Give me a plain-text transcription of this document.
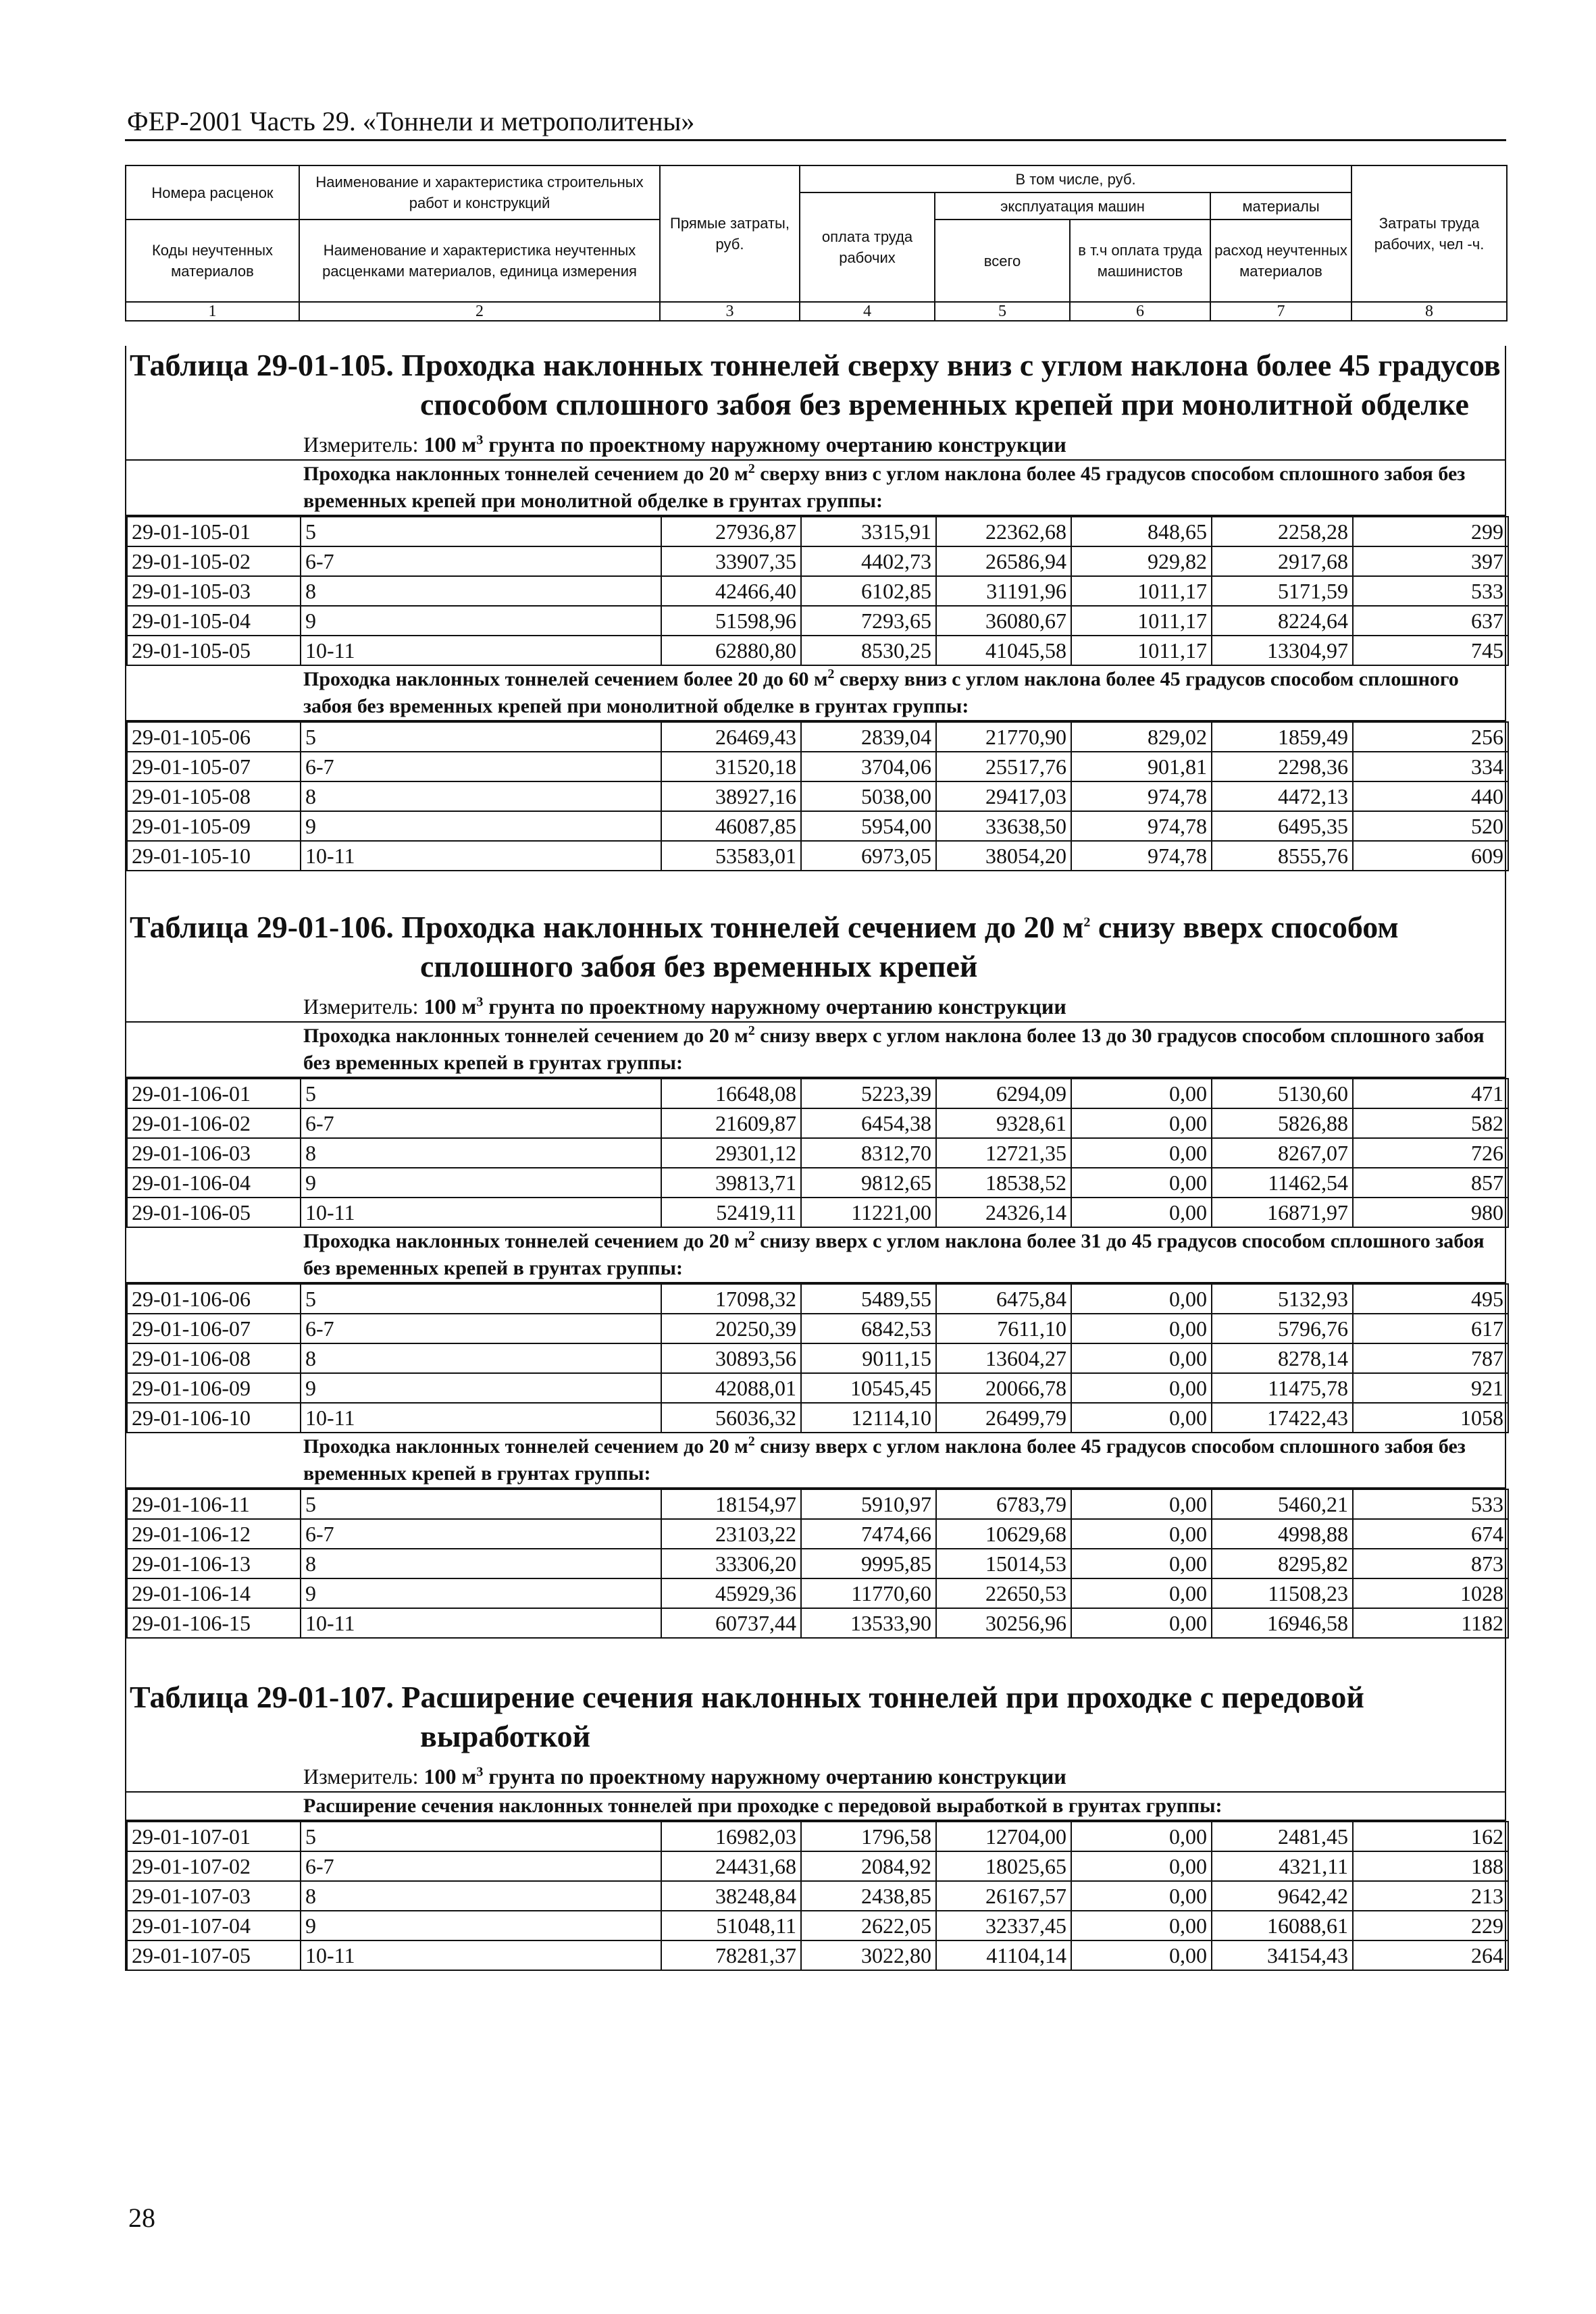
ФЕР-2001 Часть 29. «Тоннели и метрополитены»
Номера расценок	Наименование и характеристика строительных работ и конструкций	Прямые затраты, руб.	В том числе, руб.				Затраты труда рабочих, чел -ч.
			оплата труда рабочих	эксплуатация машин		материалы	
Коды неучтенных материалов	Наименование и характеристика неучтенных расценками материалов, единица измерения			всего	в т.ч оплата труда машинистов	расход неучтенных материалов	

1	2	3	4	5	6	7	8

Таблица 29-01-105. Проходка наклонных тоннелей сверху вниз с углом наклона более 45 градусов способом сплошного забоя без временных крепей при монолитной обделке

Измеритель: 100 $м^3$ грунта по проектному наружному очертанию конструкции
Проходка наклонных тоннелей сечением до 20 $м^2$ сверху вниз с углом наклона более 45 градусов способом сплошного забоя без временных крепей при монолитной обделке в грунтах группы:
29-01-105-01	5	27936,87	3315,91	22362,68	848,65	2258,28	299
29-01-105-02	6-7	33907,35	4402,73	26586,94	929,82	2917,68	397
29-01-105-03	8	42466,40	6102,85	31191,96	1011,17	5171,59	533
29-01-105-04	9	51598,96	7293,65	36080,67	1011,17	8224,64	637
29-01-105-05	10-11	62880,80	8530,25	41045,58	1011,17	13304,97	745
Проходка наклонных тоннелей сечением более 20 до 60 $м^2$ сверху вниз с углом наклона более 45 градусов способом сплошного забоя без временных крепей при монолитной обделке в грунтах группы:
29-01-105-06	5	26469,43	2839,04	21770,90	829,02	1859,49	256
29-01-105-07	6-7	31520,18	3704,06	25517,76	901,81	2298,36	334
29-01-105-08	8	38927,16	5038,00	29417,03	974,78	4472,13	440
29-01-105-09	9	46087,85	5954,00	33638,50	974,78	6495,35	520
29-01-105-10	10-11	53583,01	6973,05	38054,20	974,78	8555,76	609

Таблица 29-01-106. Проходка наклонных тоннелей сечением до 20 $м^2$ снизу вверх способом сплошного забоя без временных крепей

Измеритель: 100 $м^3$ грунта по проектному наружному очертанию конструкции
Проходка наклонных тоннелей сечением до 20 $м^2$ снизу вверх с углом наклона более 13 до 30 градусов способом сплошного забоя без временных крепей в грунтах группы:
29-01-106-01	5	16648,08	5223,39	6294,09	0,00	5130,60	471
29-01-106-02	6-7	21609,87	6454,38	9328,61	0,00	5826,88	582
29-01-106-03	8	29301,12	8312,70	12721,35	0,00	8267,07	726
29-01-106-04	9	39813,71	9812,65	18538,52	0,00	11462,54	857
29-01-106-05	10-11	52419,11	11221,00	24326,14	0,00	16871,97	980
Проходка наклонных тоннелей сечением до 20 $м^2$ снизу вверх с углом наклона более 31 до 45 градусов способом сплошного забоя без временных крепей в грунтах группы:
29-01-106-06	5	17098,32	5489,55	6475,84	0,00	5132,93	495
29-01-106-07	6-7	20250,39	6842,53	7611,10	0,00	5796,76	617
29-01-106-08	8	30893,56	9011,15	13604,27	0,00	8278,14	787
29-01-106-09	9	42088,01	10545,45	20066,78	0,00	11475,78	921
29-01-106-10	10-11	56036,32	12114,10	26499,79	0,00	17422,43	1058
Проходка наклонных тоннелей сечением до 20 $м^2$ снизу вверх с углом наклона более 45 градусов способом сплошного забоя без временных крепей в грунтах группы:
29-01-106-11	5	18154,97	5910,97	6783,79	0,00	5460,21	533
29-01-106-12	6-7	23103,22	7474,66	10629,68	0,00	4998,88	674
29-01-106-13	8	33306,20	9995,85	15014,53	0,00	8295,82	873
29-01-106-14	9	45929,36	11770,60	22650,53	0,00	11508,23	1028
29-01-106-15	10-11	60737,44	13533,90	30256,96	0,00	16946,58	1182

Таблица 29-01-107. Расширение сечения наклонных тоннелей при проходке с передовой выработкой

Измеритель: 100 $м^3$ грунта по проектному наружному очертанию конструкции
Расширение сечения наклонных тоннелей при проходке с передовой выработкой в грунтах группы:
29-01-107-01	5	16982,03	1796,58	12704,00	0,00	2481,45	162
29-01-107-02	6-7	24431,68	2084,92	18025,65	0,00	4321,11	188
29-01-107-03	8	38248,84	2438,85	26167,57	0,00	9642,42	213
29-01-107-04	9	51048,11	2622,05	32337,45	0,00	16088,61	229
29-01-107-05	10-11	78281,37	3022,80	41104,14	0,00	34154,43	264
28
